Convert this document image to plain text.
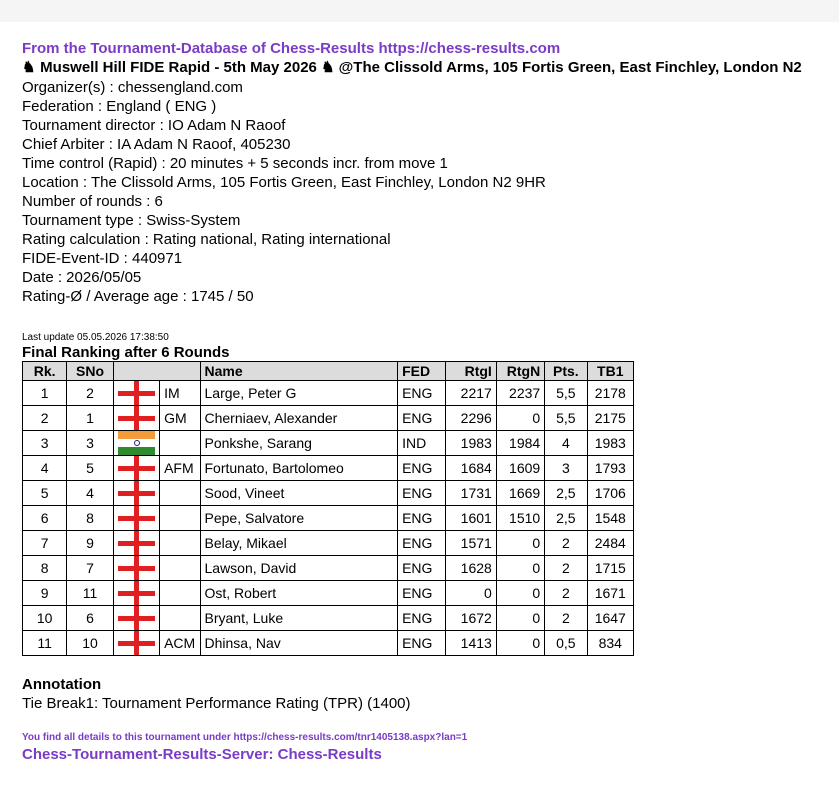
From the Tournament-Database of Chess-Results https://chess-results.com
♞ Muswell Hill FIDE Rapid - 5th May 2026 ♞ @The Clissold Arms, 105 Fortis Green, East Finchley, London N2
Organizer(s) : chessengland.com
Federation : England ( ENG )
Tournament director : IO Adam N Raoof
Chief Arbiter : IA Adam N Raoof, 405230
Time control (Rapid) : 20 minutes + 5 seconds incr. from move 1
Location : The Clissold Arms, 105 Fortis Green, East Finchley, London N2 9HR
Number of rounds : 6
Tournament type : Swiss-System
Rating calculation : Rating national, Rating international
FIDE-Event-ID : 440971
Date : 2026/05/05
Rating-Ø / Average age : 1745 / 50
Last update 05.05.2026 17:38:50
Final Ranking after 6 Rounds
Rk.	SNo			Name	FED	RtgI	RtgN	Pts.	TB1
1	2		IM	Large, Peter G	ENG	2217	2237	5,5	2178
2	1		GM	Cherniaev, Alexander	ENG	2296	0	5,5	2175
3	3			Ponkshe, Sarang	IND	1983	1984	4	1983
4	5		AFM	Fortunato, Bartolomeo	ENG	1684	1609	3	1793
5	4			Sood, Vineet	ENG	1731	1669	2,5	1706
6	8			Pepe, Salvatore	ENG	1601	1510	2,5	1548
7	9			Belay, Mikael	ENG	1571	0	2	2484
8	7			Lawson, David	ENG	1628	0	2	1715
9	11			Ost, Robert	ENG	0	0	2	1671
10	6			Bryant, Luke	ENG	1672	0	2	1647
11	10		ACM	Dhinsa, Nav	ENG	1413	0	0,5	834
Annotation
Tie Break1: Tournament Performance Rating (TPR) (1400)
You find all details to this tournament under https://chess-results.com/tnr1405138.aspx?lan=1
Chess-Tournament-Results-Server: Chess-Results
